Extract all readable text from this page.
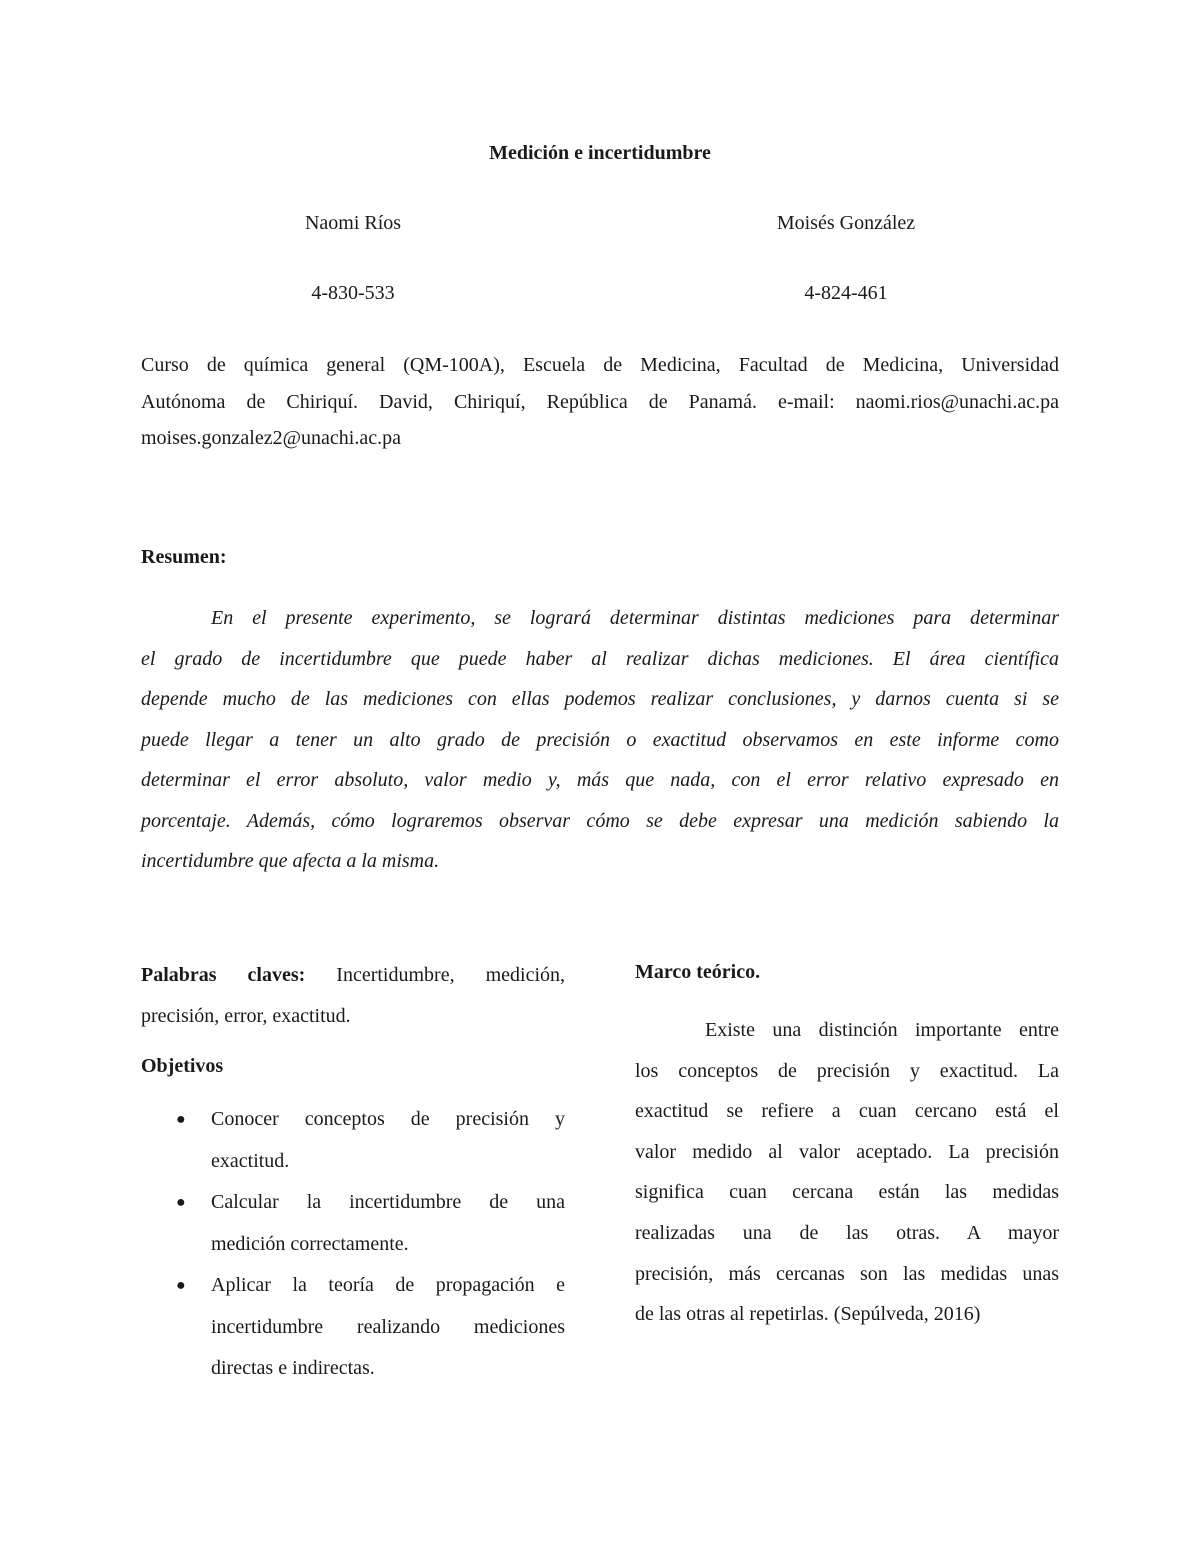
Medición e incertidumbre
Naomi Ríos	Moisés González
4-830-533	4-824-461
Curso de química general (QM-100A), Escuela de Medicina, Facultad de Medicina, Universidad
Autónoma de Chiriquí. David, Chiriquí, República de Panamá. e-mail: naomi.rios@unachi.ac.pa
moises.gonzalez2@unachi.ac.pa
Resumen:
En el presente experimento, se logrará determinar distintas mediciones para determinar
el grado de incertidumbre que puede haber al realizar dichas mediciones. El área científica
depende mucho de las mediciones con ellas podemos realizar conclusiones, y darnos cuenta si se
puede llegar a tener un alto grado de precisión o exactitud observamos en este informe como
determinar el error absoluto, valor medio y, más que nada, con el error relativo expresado en
porcentaje. Además, cómo lograremos observar cómo se debe expresar una medición sabiendo la
incertidumbre que afecta a la misma.
Palabras claves: Incertidumbre, medición,
precisión, error, exactitud.
Objetivos
● Conocer conceptos de precisión y
exactitud.
● Calcular la incertidumbre de una
medición correctamente.
● Aplicar la teoría de propagación e
incertidumbre realizando mediciones
directas e indirectas.
Marco teórico.
Existe una distinción importante entre
los conceptos de precisión y exactitud. La
exactitud se refiere a cuan cercano está el
valor medido al valor aceptado. La precisión
significa cuan cercana están las medidas
realizadas una de las otras. A mayor
precisión, más cercanas son las medidas unas
de las otras al repetirlas. (Sepúlveda, 2016)
